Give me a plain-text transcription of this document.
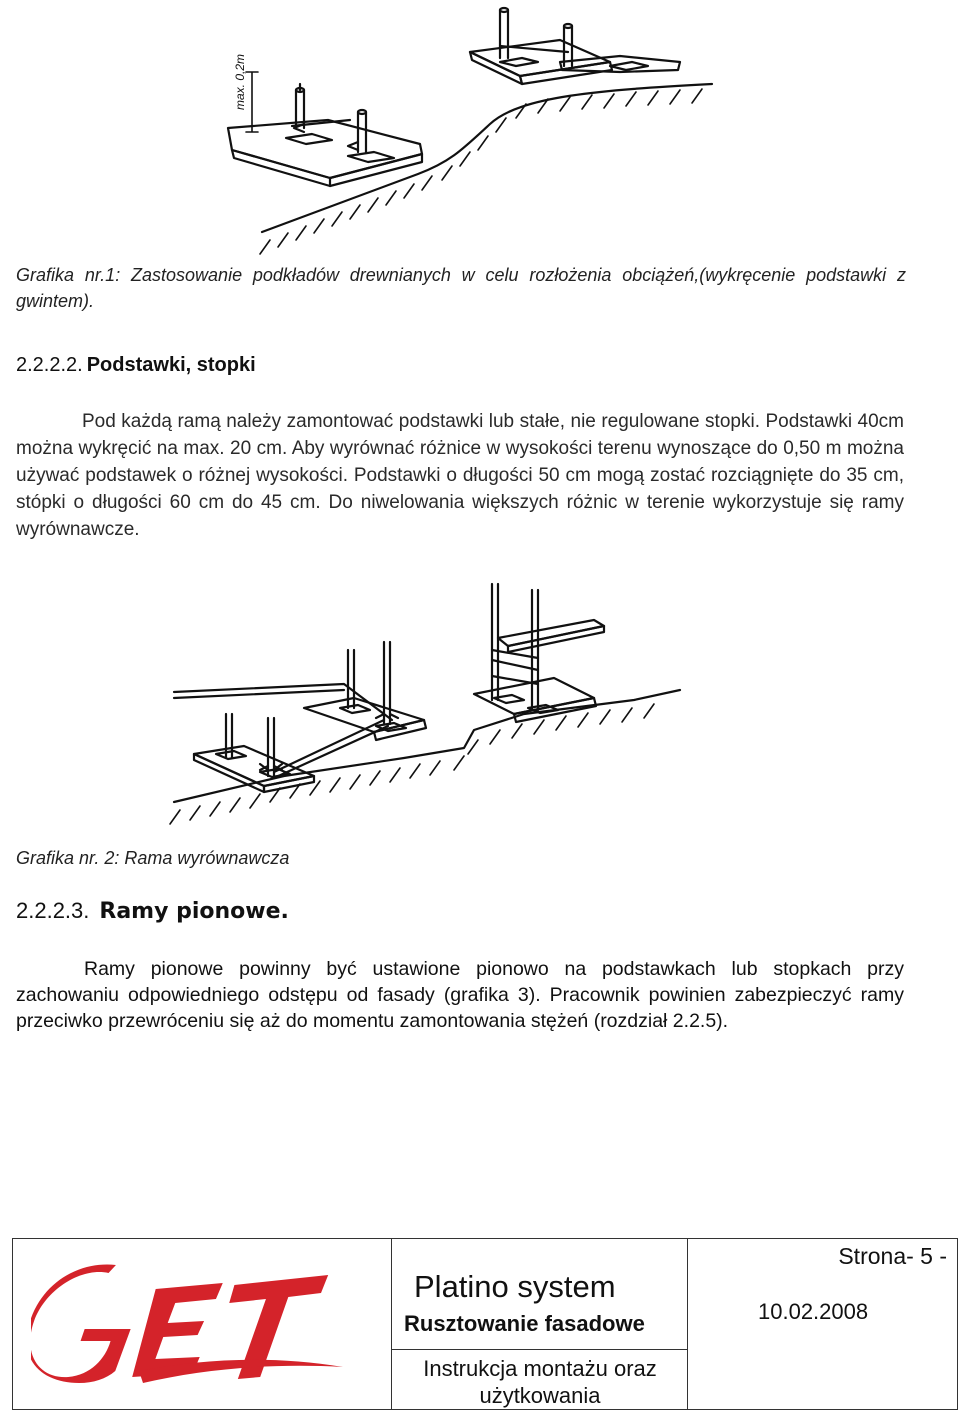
max. 0,2m
Grafika nr.1: Zastosowanie podkładów drewnianych w celu rozłożenia obciążeń,(wykręcenie podstawki z gwintem).
2.2.2.2. Podstawki, stopki
Pod każdą ramą należy zamontować podstawki lub stałe, nie regulowane stopki. Podstawki 40cm można wykręcić na max. 20 cm. Aby wyrównać różnice w wysokości terenu wynoszące do 0,50 m można używać podstawek o różnej wysokości. Podstawki o długości 50 cm mogą zostać rozciągnięte do 35 cm, stópki o długości 60 cm do 45 cm. Do niwelowania większych różnic w terenie wykorzystuje się ramy wyrównawcze.
Grafika nr. 2: Rama wyrównawcza
2.2.2.3. Ramy pionowe.
Ramy pionowe powinny być ustawione pionowo na podstawkach lub stopkach przy zachowaniu odpowiedniego odstępu od fasady (grafika 3). Pracownik powinien zabezpieczyć ramy przeciwko przewróceniu się aż do momentu zamontowania stężeń (rozdział 2.2.5).
Platino system
Rusztowanie fasadowe
Instrukcja montażu oraz użytkowania
Strona- 5 -
10.02.2008
